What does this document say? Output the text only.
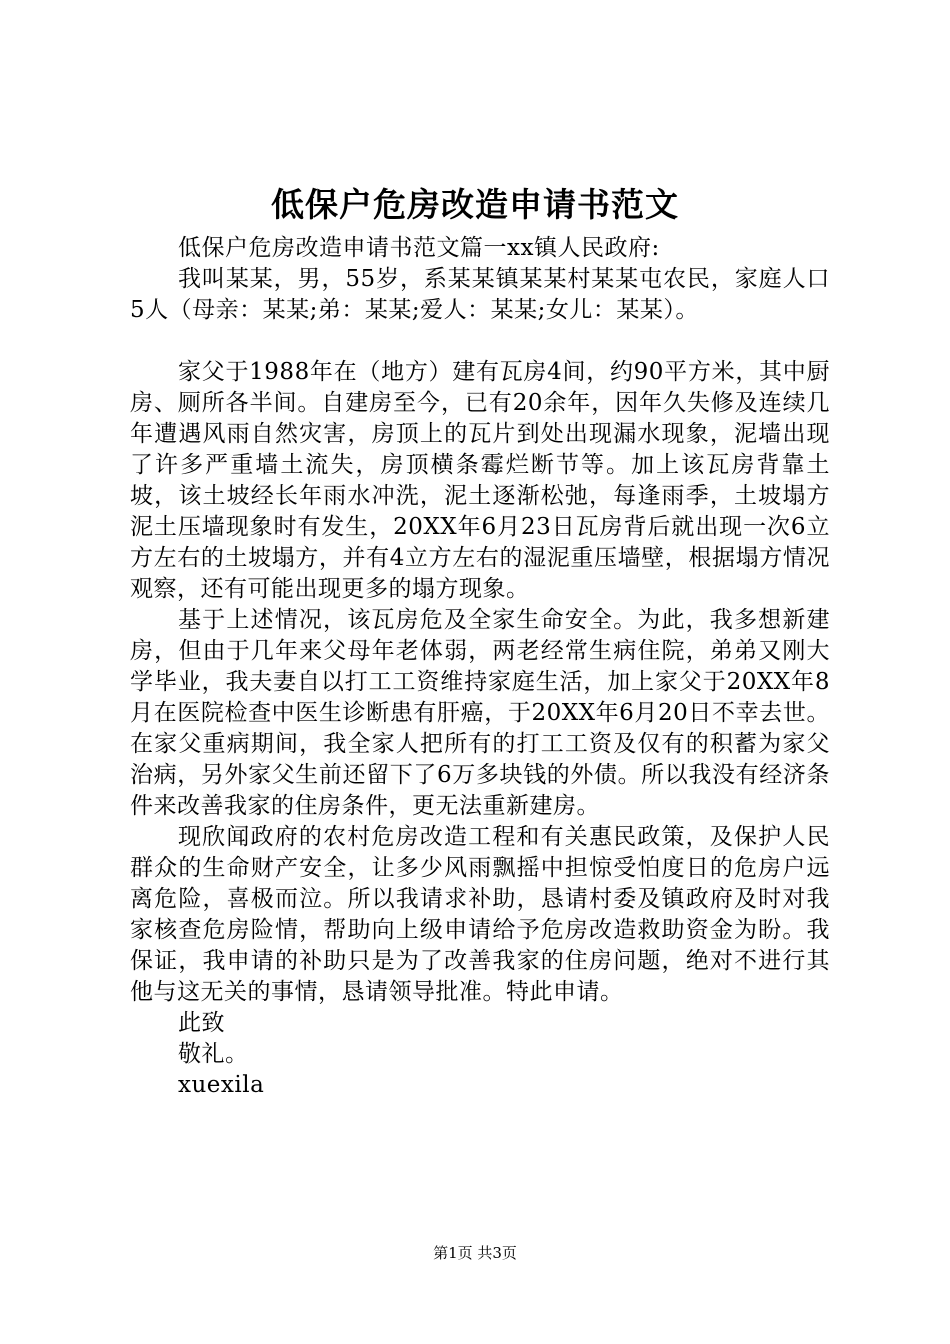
低保户危房改造申请书范文

低保户危房改造申请书范文篇一xx镇人民政府:

我叫某某，男，55岁，系某某镇某某村某某屯农民，家庭人口5人（母亲：某某;弟：某某;爱人：某某;女儿：某某）。

家父于1988年在（地方）建有瓦房4间，约90平方米，其中厨房、厕所各半间。自建房至今，已有20余年，因年久失修及连续几年遭遇风雨自然灾害，房顶上的瓦片到处出现漏水现象，泥墙出现了许多严重墙土流失，房顶横条霉烂断节等。加上该瓦房背靠土坡，该土坡经长年雨水冲洗，泥土逐渐松弛，每逢雨季，土坡塌方泥土压墙现象时有发生，20XX年6月23日瓦房背后就出现一次6立方左右的土坡塌方，并有4立方左右的湿泥重压墙壁，根据塌方情况观察，还有可能出现更多的塌方现象。

基于上述情况，该瓦房危及全家生命安全。为此，我多想新建房，但由于几年来父母年老体弱，两老经常生病住院，弟弟又刚大学毕业，我夫妻自以打工工资维持家庭生活，加上家父于20XX年8月在医院检查中医生诊断患有肝癌，于20XX年6月20日不幸去世。在家父重病期间，我全家人把所有的打工工资及仅有的积蓄为家父治病，另外家父生前还留下了6万多块钱的外债。所以我没有经济条件来改善我家的住房条件，更无法重新建房。

现欣闻政府的农村危房改造工程和有关惠民政策，及保护人民群众的生命财产安全，让多少风雨飘摇中担惊受怕度日的危房户远离危险，喜极而泣。所以我请求补助，恳请村委及镇政府及时对我家核查危房险情，帮助向上级申请给予危房改造救助资金为盼。我保证，我申请的补助只是为了改善我家的住房问题，绝对不进行其他与这无关的事情，恳请领导批准。特此申请。

此致

敬礼。

xuexila

第1页 共3页
